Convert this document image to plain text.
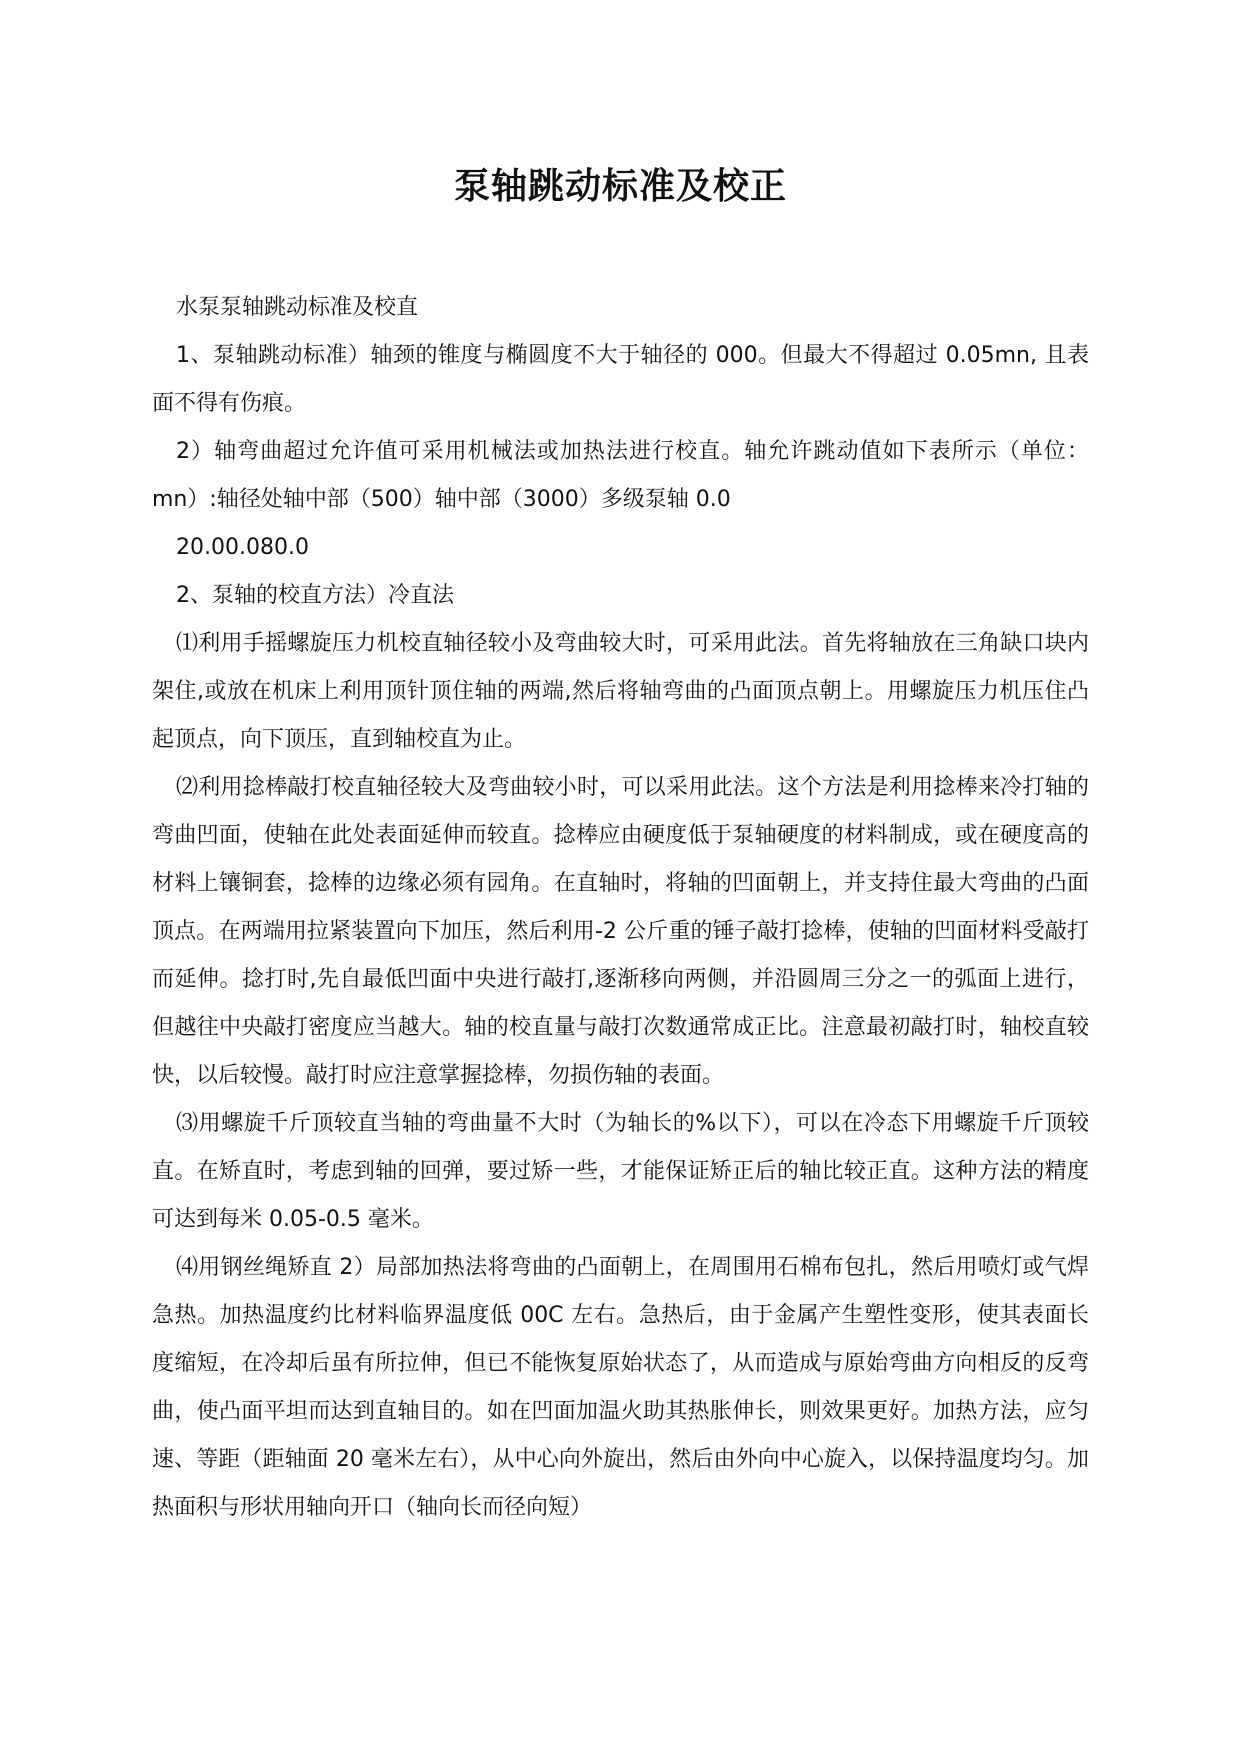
泵轴跳动标准及校正

水泵泵轴跳动标准及校直

1、泵轴跳动标准）轴颈的锥度与椭圆度不大于轴径的 000。但最大不得超过 0.05mn, 且表面不得有伤痕。

2）轴弯曲超过允许值可采用机械法或加热法进行校直。轴允许跳动值如下表所示（单位：mn）:轴径处轴中部（500）轴中部（3000）多级泵轴 0.0

20.00.080.0

2、泵轴的校直方法）冷直法

⑴利用手摇螺旋压力机校直轴径较小及弯曲较大时，可采用此法。首先将轴放在三角缺口块内架住,或放在机床上利用顶针顶住轴的两端,然后将轴弯曲的凸面顶点朝上。用螺旋压力机压住凸起顶点，向下顶压，直到轴校直为止。

⑵利用捻棒敲打校直轴径较大及弯曲较小时，可以采用此法。这个方法是利用捻棒来冷打轴的弯曲凹面，使轴在此处表面延伸而较直。捻棒应由硬度低于泵轴硬度的材料制成，或在硬度高的材料上镶铜套，捻棒的边缘必须有园角。在直轴时，将轴的凹面朝上，并支持住最大弯曲的凸面顶点。在两端用拉紧装置向下加压，然后利用-2 公斤重的锤子敲打捻棒，使轴的凹面材料受敲打而延伸。捻打时,先自最低凹面中央进行敲打,逐渐移向两侧，并沿圆周三分之一的弧面上进行，但越往中央敲打密度应当越大。轴的校直量与敲打次数通常成正比。注意最初敲打时，轴校直较快，以后较慢。敲打时应注意掌握捻棒，勿损伤轴的表面。

⑶用螺旋千斤顶较直当轴的弯曲量不大时（为轴长的%以下），可以在冷态下用螺旋千斤顶较直。在矫直时，考虑到轴的回弹，要过矫一些，才能保证矫正后的轴比较正直。这种方法的精度可达到每米 0.05-0.5 毫米。

⑷用钢丝绳矫直 2）局部加热法将弯曲的凸面朝上，在周围用石棉布包扎，然后用喷灯或气焊急热。加热温度约比材料临界温度低 00C 左右。急热后，由于金属产生塑性变形，使其表面长度缩短，在冷却后虽有所拉伸，但已不能恢复原始状态了，从而造成与原始弯曲方向相反的反弯曲，使凸面平坦而达到直轴目的。如在凹面加温火助其热胀伸长，则效果更好。加热方法，应匀速、等距（距轴面 20 毫米左右），从中心向外旋出，然后由外向中心旋入，以保持温度均匀。加热面积与形状用轴向开口（轴向长而径向短）
